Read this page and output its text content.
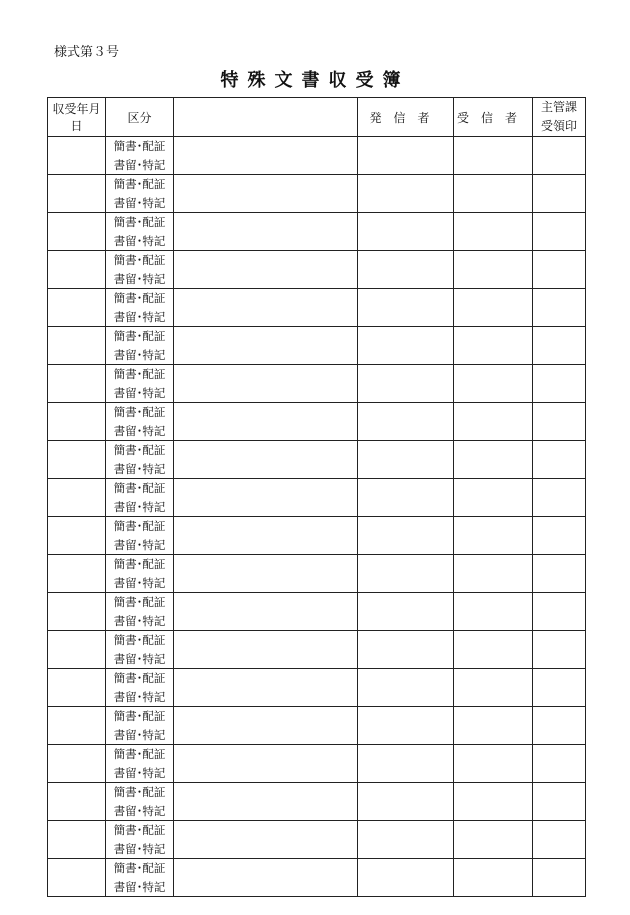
様式第３号
特殊文書収受簿
収受年月日	区分		発信者	受信者	主管課
受領印

	簡書･配証
書留･特記				

	簡書･配証
書留･特記				

	簡書･配証
書留･特記				

	簡書･配証
書留･特記				

	簡書･配証
書留･特記				

	簡書･配証
書留･特記				

	簡書･配証
書留･特記				

	簡書･配証
書留･特記				

	簡書･配証
書留･特記				

	簡書･配証
書留･特記				

	簡書･配証
書留･特記				

	簡書･配証
書留･特記				

	簡書･配証
書留･特記				

	簡書･配証
書留･特記				

	簡書･配証
書留･特記				

	簡書･配証
書留･特記				

	簡書･配証
書留･特記				

	簡書･配証
書留･特記				

	簡書･配証
書留･特記				

	簡書･配証
書留･特記				
